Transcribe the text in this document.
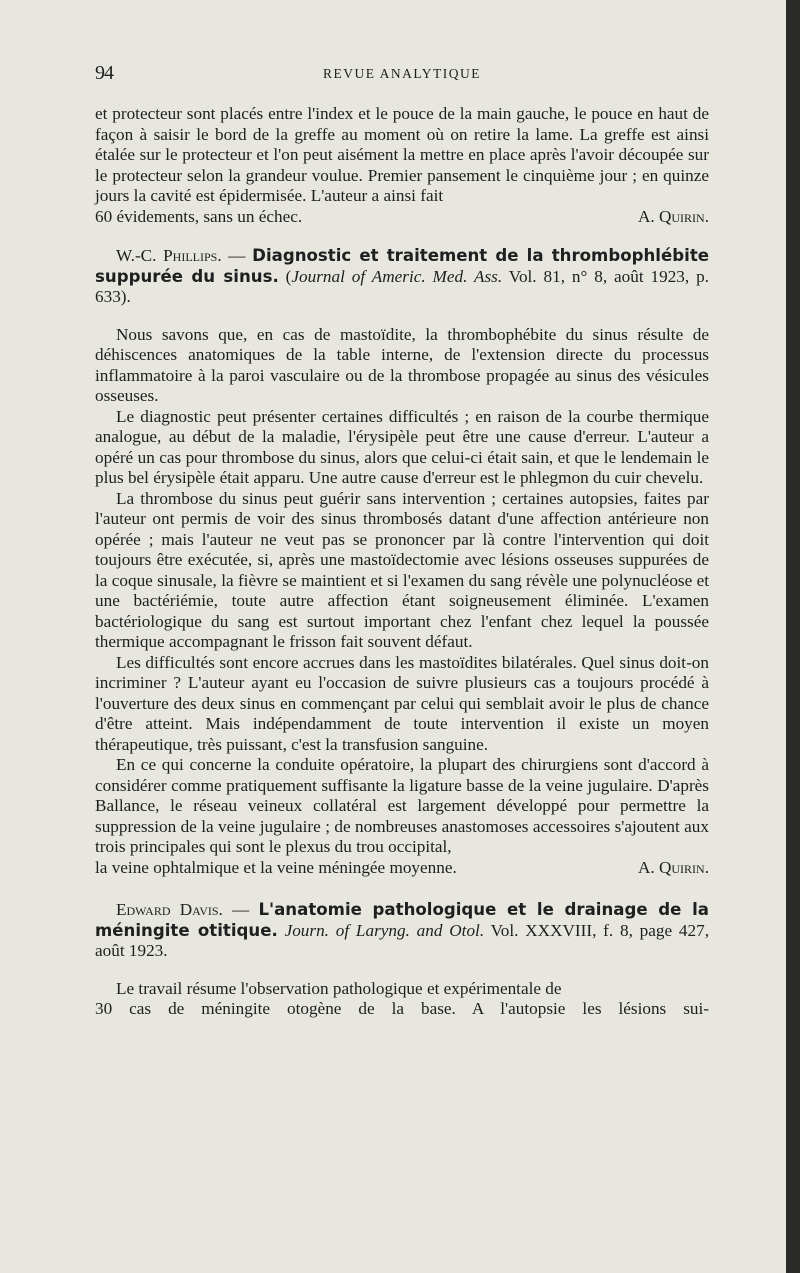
94	REVUE ANALYTIQUE

et protecteur sont placés entre l'index et le pouce de la main gauche, le pouce en haut de façon à saisir le bord de la greffe au moment où on retire la lame. La greffe est ainsi étalée sur le protecteur et l'on peut aisément la mettre en place après l'avoir découpée sur le protecteur selon la grandeur voulue. Premier pansement le cinquième jour ; en quinze jours la cavité est épidermisée. L'auteur a ainsi fait

60 évidements, sans un échec.	A. Quirin.

W.-C. Phillips. — Diagnostic et traitement de la thrombophlébite suppurée du sinus. (Journal of Americ. Med. Ass. Vol. 81, n° 8, août 1923, p. 633).

Nous savons que, en cas de mastoïdite, la thrombophébite du sinus résulte de déhiscences anatomiques de la table interne, de l'extension directe du processus inflammatoire à la paroi vasculaire ou de la thrombose propagée au sinus des vésicules osseuses.

Le diagnostic peut présenter certaines difficultés ; en raison de la courbe thermique analogue, au début de la maladie, l'érysipèle peut être une cause d'erreur. L'auteur a opéré un cas pour thrombose du sinus, alors que celui-ci était sain, et que le lendemain le plus bel érysipèle était apparu. Une autre cause d'erreur est le phlegmon du cuir chevelu.

La thrombose du sinus peut guérir sans intervention ; certaines autopsies, faites par l'auteur ont permis de voir des sinus thrombosés datant d'une affection antérieure non opérée ; mais l'auteur ne veut pas se prononcer par là contre l'intervention qui doit toujours être exécutée, si, après une mastoïdectomie avec lésions osseuses suppurées de la coque sinusale, la fièvre se maintient et si l'examen du sang révèle une polynucléose et une bactériémie, toute autre affection étant soigneusement éliminée. L'examen bactériologique du sang est surtout important chez l'enfant chez lequel la poussée thermique accompagnant le frisson fait souvent défaut.

Les difficultés sont encore accrues dans les mastoïdites bilatérales. Quel sinus doit-on incriminer ? L'auteur ayant eu l'occasion de suivre plusieurs cas a toujours procédé à l'ouverture des deux sinus en commençant par celui qui semblait avoir le plus de chance d'être atteint. Mais indépendamment de toute intervention il existe un moyen thérapeutique, très puissant, c'est la transfusion sanguine.

En ce qui concerne la conduite opératoire, la plupart des chirurgiens sont d'accord à considérer comme pratiquement suffisante la ligature basse de la veine jugulaire. D'après Ballance, le réseau veineux collatéral est largement développé pour permettre la suppression de la veine jugulaire ; de nombreuses anastomoses accessoires s'ajoutent aux trois principales qui sont le plexus du trou occipital,

la veine ophtalmique et la veine méningée moyenne.	A. Quirin.

Edward Davis. — L'anatomie pathologique et le drainage de la méningite otitique. Journ. of Laryng. and Otol. Vol. XXXVIII, f. 8, page 427, août 1923.

Le travail résume l'observation pathologique et expérimentale de

30 cas de méningite otogène de la base. A l'autopsie les lésions sui-
